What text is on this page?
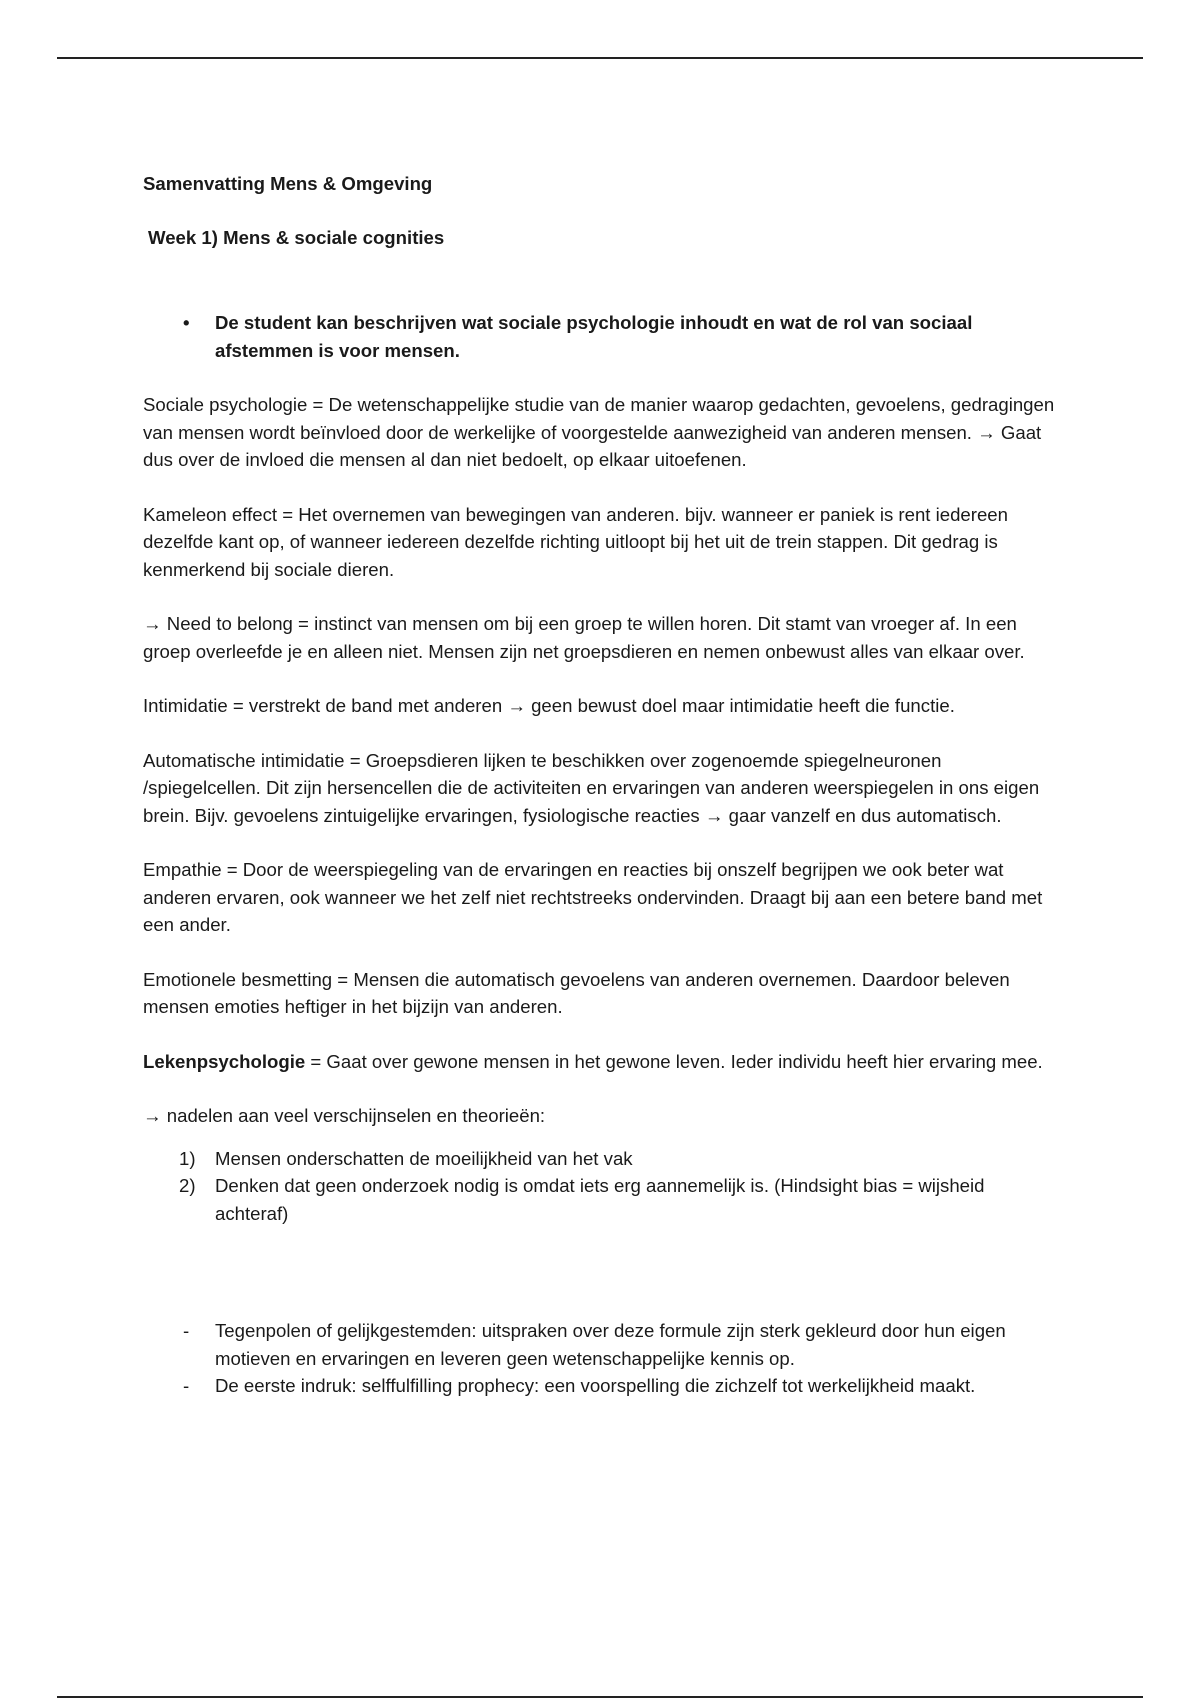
Samenvatting Mens & Omgeving
Week 1) Mens & sociale cognities
•	De student kan beschrijven wat sociale psychologie inhoudt en wat de rol van sociaal afstemmen is voor mensen.

Sociale psychologie = De wetenschappelijke studie van de manier waarop gedachten, gevoelens, gedragingen van mensen wordt beïnvloed door de werkelijke of voorgestelde aanwezigheid van anderen mensen. → Gaat dus over de invloed die mensen al dan niet bedoelt, op elkaar uitoefenen.

Kameleon effect = Het overnemen van bewegingen van anderen. bijv. wanneer er paniek is rent iedereen dezelfde kant op, of wanneer iedereen dezelfde richting uitloopt bij het uit de trein stappen. Dit gedrag is kenmerkend bij sociale dieren.

→ Need to belong = instinct van mensen om bij een groep te willen horen. Dit stamt van vroeger af. In een groep overleefde je en alleen niet. Mensen zijn net groepsdieren en nemen onbewust alles van elkaar over.

Intimidatie = verstrekt de band met anderen → geen bewust doel maar intimidatie heeft die functie.

Automatische intimidatie = Groepsdieren lijken te beschikken over zogenoemde spiegelneuronen /spiegelcellen. Dit zijn hersencellen die de activiteiten en ervaringen van anderen weerspiegelen in ons eigen brein. Bijv. gevoelens zintuigelijke ervaringen, fysiologische reacties → gaar vanzelf en dus automatisch.

Empathie = Door de weerspiegeling van de ervaringen en reacties bij onszelf begrijpen we ook beter wat anderen ervaren, ook wanneer we het zelf niet rechtstreeks ondervinden. Draagt bij aan een betere band met een ander.

Emotionele besmetting = Mensen die automatisch gevoelens van anderen overnemen. Daardoor beleven mensen emoties heftiger in het bijzijn van anderen.

Lekenpsychologie = Gaat over gewone mensen in het gewone leven. Ieder individu heeft hier ervaring mee.

→ nadelen aan veel verschijnselen en theorieën:

1)	Mensen onderschatten de moeilijkheid van het vak
2)	Denken dat geen onderzoek nodig is omdat iets erg aannemelijk is. (Hindsight bias = wijsheid achteraf)
-	Tegenpolen of gelijkgestemden: uitspraken over deze formule zijn sterk gekleurd door hun eigen motieven en ervaringen en leveren geen wetenschappelijke kennis op.
-	De eerste indruk: selffulfilling prophecy: een voorspelling die zichzelf tot werkelijkheid maakt.
